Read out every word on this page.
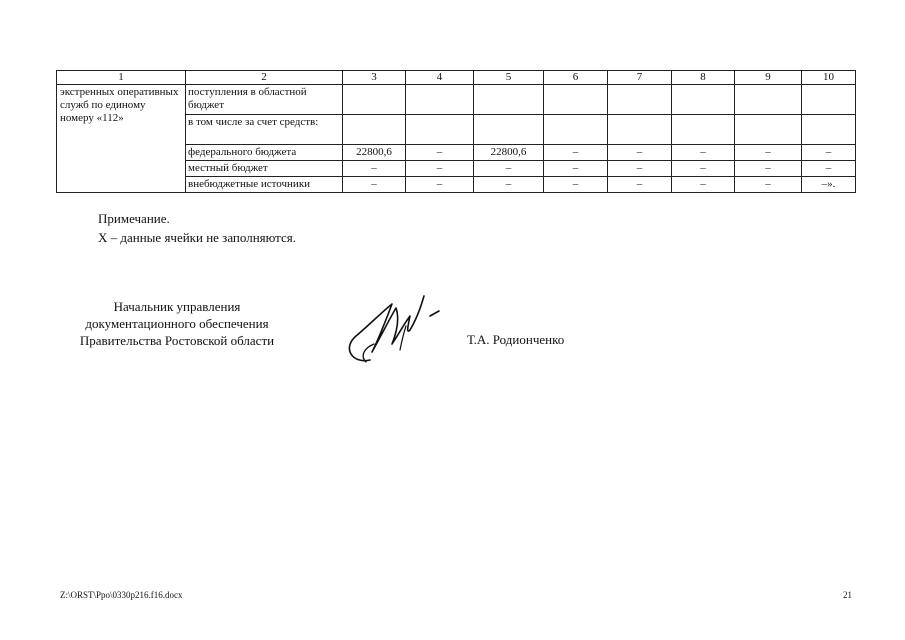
1	2	3	4	5	6	7	8	9	10
экстренных оперативных служб по единому номеру «112»	поступления в областной бюджет								
	в том числе за счет средств:								
	федерального бюджета	22800,6	–	22800,6	–	–	–	–	–
	местный бюджет	–	–	–	–	–	–	–	–
	внебюджетные источники	–	–	–	–	–	–	–	–».
Примечание.
Х – данные ячейки не заполняются.
Начальник управления
документационного обеспечения
Правительства Ростовской области	Т.А. Родионченко
Z:\ORST\Ppo\0330p216.f16.docx	21
